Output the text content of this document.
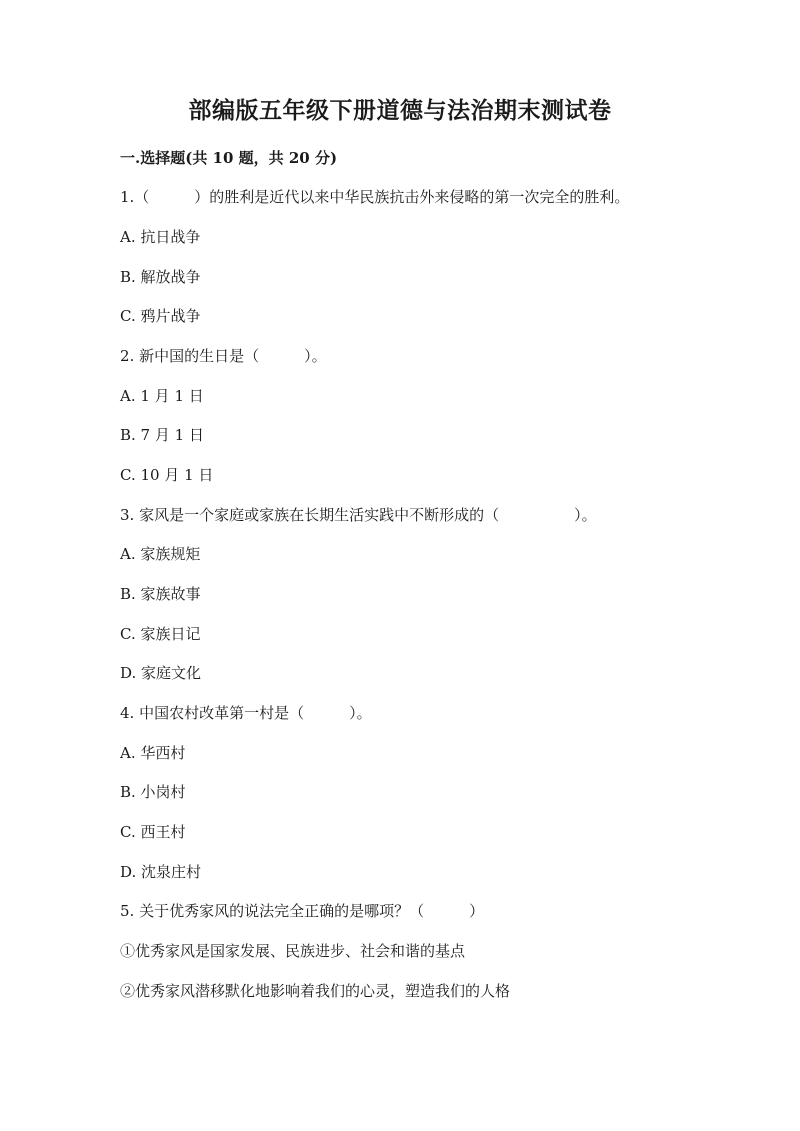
部编版五年级下册道德与法治期末测试卷
一.选择题(共 10 题，共 20 分)
1.（　　　）的胜利是近代以来中华民族抗击外来侵略的第一次完全的胜利。
A. 抗日战争
B. 解放战争
C. 鸦片战争
2. 新中国的生日是（　　　）。
A. 1 月 1 日
B. 7 月 1 日
C. 10 月 1 日
3. 家风是一个家庭或家族在长期生活实践中不断形成的（　　　　　）。
A. 家族规矩
B. 家族故事
C. 家族日记
D. 家庭文化
4. 中国农村改革第一村是（　　　）。
A. 华西村
B. 小岗村
C. 西王村
D. 沈泉庄村
5. 关于优秀家风的说法完全正确的是哪项？（　　　）
①优秀家风是国家发展、民族进步、社会和谐的基点
②优秀家风潜移默化地影响着我们的心灵，塑造我们的人格
